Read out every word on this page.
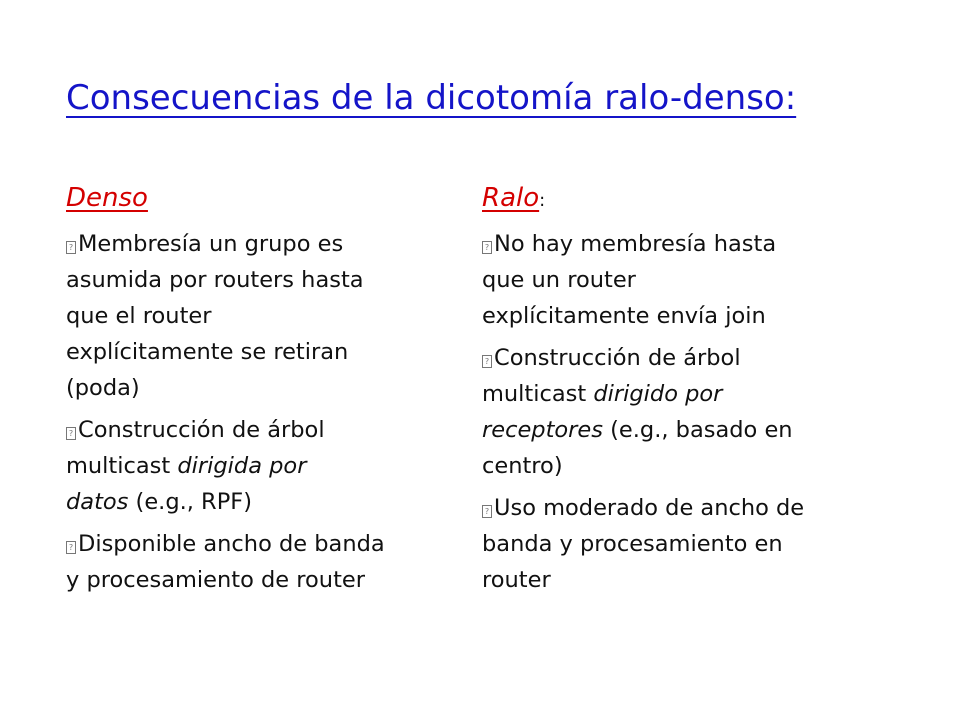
Consecuencias de la dicotomía ralo-denso:
Denso
? Membresía un grupo es
asumida por routers hasta
que el router
explícitamente se retiran
(poda)
? Construcción de árbol
multicast dirigida por
datos (e.g., RPF)
? Disponible ancho de banda
y procesamiento de router
Ralo:
? No hay membresía hasta
que un router
explícitamente envía join
? Construcción de árbol
multicast dirigido por
receptores (e.g., basado en
centro)
? Uso moderado de ancho de
banda y procesamiento en
router
